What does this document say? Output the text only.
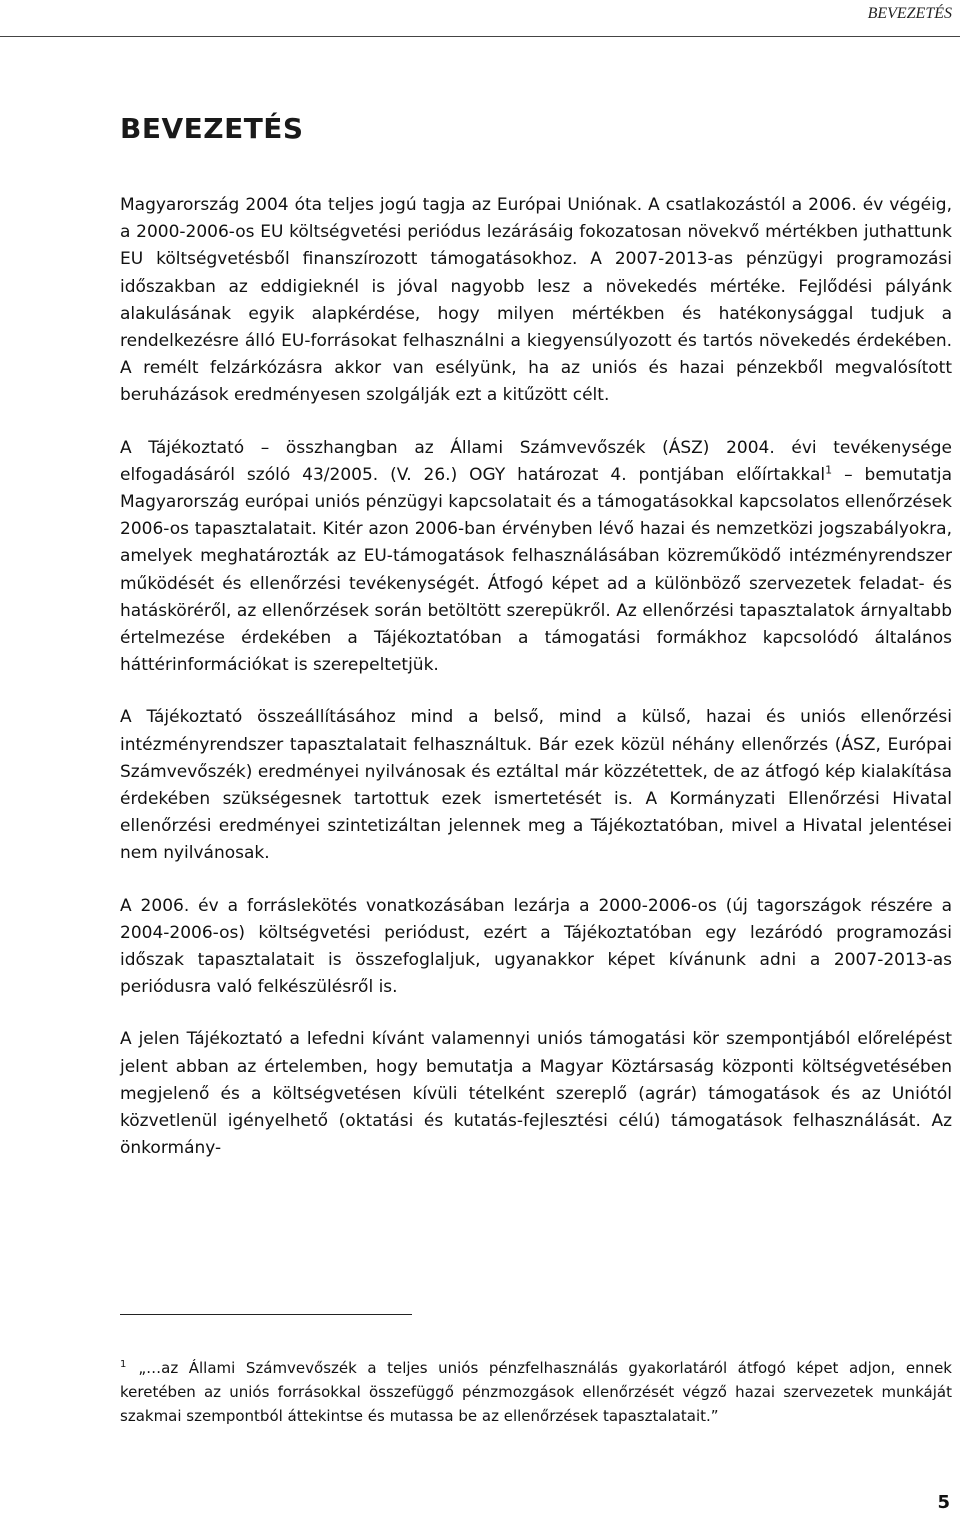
BEVEZETÉS
BEVEZETÉS

Magyarország 2004 óta teljes jogú tagja az Európai Uniónak. A csatlakozástól a 2006. év végéig, a 2000-2006-os EU költségvetési periódus lezárásáig fokozatosan növekvő mértékben juthattunk EU költségvetésből finanszírozott támogatásokhoz. A 2007-2013-as pénzügyi programozási időszakban az eddigieknél is jóval nagyobb lesz a növekedés mértéke. Fejlődési pályánk alakulásának egyik alapkérdése, hogy milyen mértékben és hatékonysággal tudjuk a rendelkezésre álló EU-forrásokat felhasználni a kiegyensúlyozott és tartós növekedés érdekében. A remélt felzárkózásra akkor van esélyünk, ha az uniós és hazai pénzekből megvalósított beruházások eredményesen szolgálják ezt a kitűzött célt.

A Tájékoztató – összhangban az Állami Számvevőszék (ÁSZ) 2004. évi tevékenysége elfogadásáról szóló 43/2005. (V. 26.) OGY határozat 4. pontjában előírtakkal$^1$ – bemutatja Magyarország európai uniós pénzügyi kapcsolatait és a támogatásokkal kapcsolatos ellenőrzések 2006-os tapasztalatait. Kitér azon 2006-ban érvényben lévő hazai és nemzetközi jogszabályokra, amelyek meghatározták az EU-támogatások felhasználásában közreműködő intézményrendszer működését és ellenőrzési tevékenységét. Átfogó képet ad a különböző szervezetek feladat- és hatásköréről, az ellenőrzések során betöltött szerepükről. Az ellenőrzési tapasztalatok árnyaltabb értelmezése érdekében a Tájékoztatóban a támogatási formákhoz kapcsolódó általános háttérinformációkat is szerepeltetjük.

A Tájékoztató összeállításához mind a belső, mind a külső, hazai és uniós ellenőrzési intézményrendszer tapasztalatait felhasználtuk. Bár ezek közül néhány ellenőrzés (ÁSZ, Európai Számvevőszék) eredményei nyilvánosak és eztáltal már közzétettek, de az átfogó kép kialakítása érdekében szükségesnek tartottuk ezek ismertetését is. A Kormányzati Ellenőrzési Hivatal ellenőrzési eredményei szintetizáltan jelennek meg a Tájékoztatóban, mivel a Hivatal jelentései nem nyilvánosak.

A 2006. év a forráslekötés vonatkozásában lezárja a 2000-2006-os (új tagországok részére a 2004-2006-os) költségvetési periódust, ezért a Tájékoztatóban egy lezáródó programozási időszak tapasztalatait is összefoglaljuk, ugyanakkor képet kívánunk adni a 2007-2013-as periódusra való felkészülésről is.

A jelen Tájékoztató a lefedni kívánt valamennyi uniós támogatási kör szempontjából előrelépést jelent abban az értelemben, hogy bemutatja a Magyar Köztársaság központi költségvetésében megjelenő és a költségvetésen kívüli tételként szereplő (agrár) támogatások és az Uniótól közvetlenül igényelhető (oktatási és kutatás-fejlesztési célú) támogatások felhasználását. Az önkormány-

$^1$ „…az Állami Számvevőszék a teljes uniós pénzfelhasználás gyakorlatáról átfogó képet adjon, ennek keretében az uniós forrásokkal összefüggő pénzmozgások ellenőrzését végző hazai szervezetek munkáját szakmai szempontból áttekintse és mutassa be az ellenőrzések tapasztalatait.”

5
